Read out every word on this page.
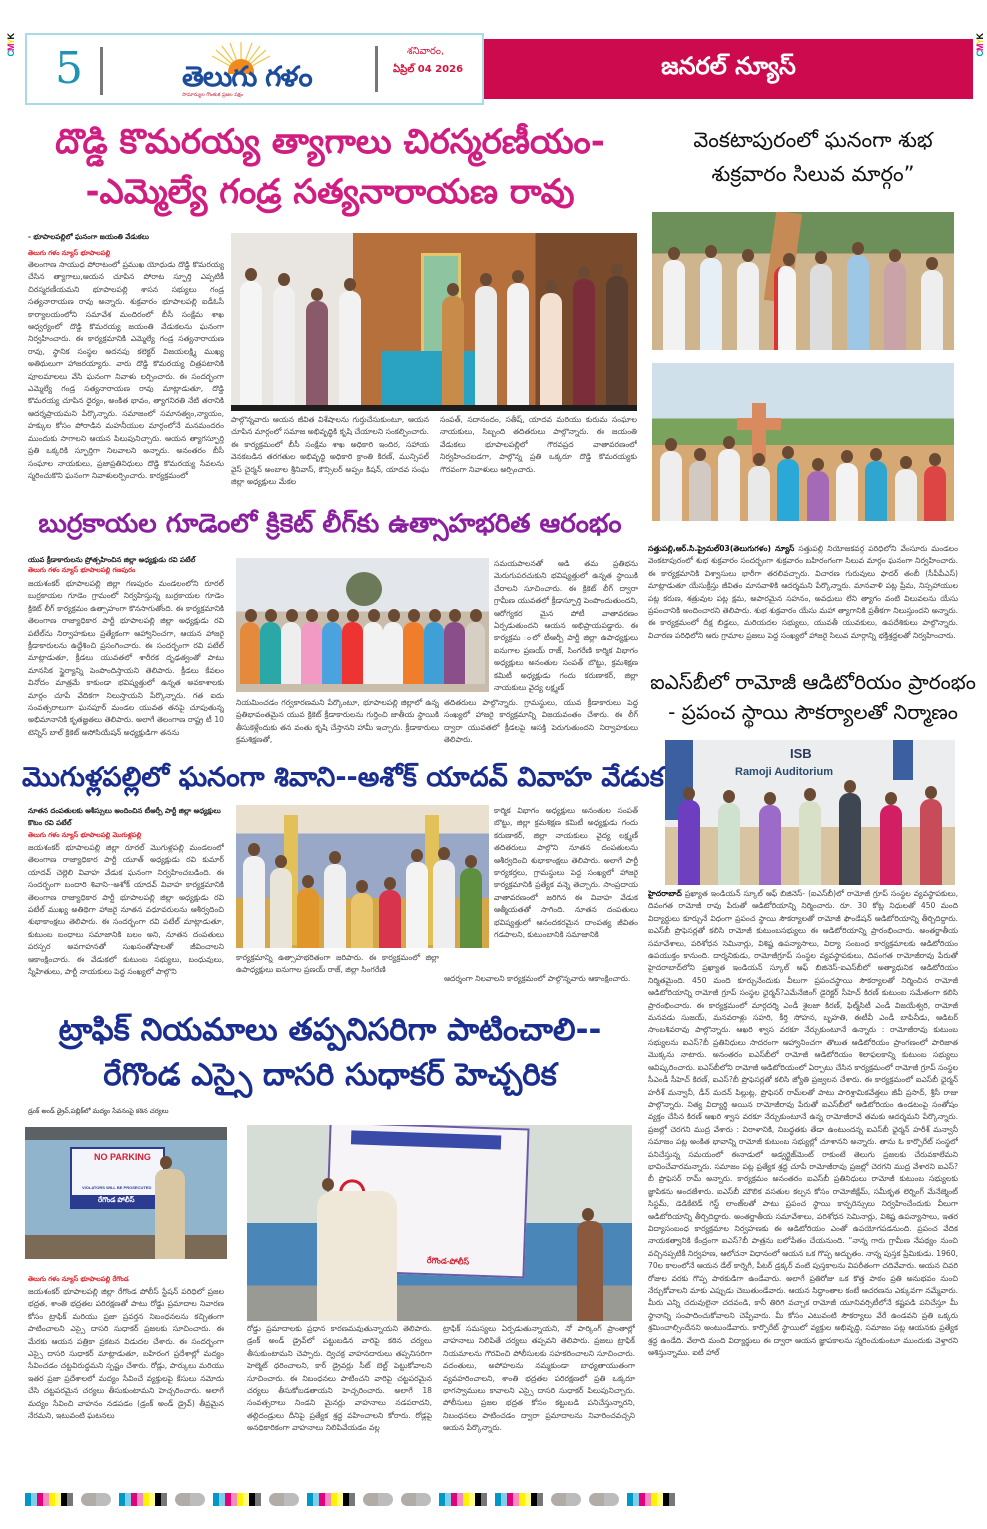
CMYK
CMYK
5	తెలుగు గళం
సామాన్యుల గొంతుక ప్రజల పక్షం
శనివారం,
ఏప్రిల్ 04 2026	జనరల్ న్యూస్
దొడ్డి కొమరయ్య త్యాగాలు చిరస్మరణీయం-
-ఎమ్మెల్యే గండ్ర సత్యనారాయణ రావు
- భూపాలపల్లిలో ఘనంగా జయంతి వేడుకలు
తెలుగు గళం న్యూస్ భూపాలపల్లి
తెలంగాణ సాయుధ పోరాటంలో ప్రముఖ యోధుడు దొడ్డి కొమరయ్య చేసిన త్యాగాలు,ఆయన చూపిన పోరాట స్ఫూర్తి ఎప్పటికీ చిరస్మరణీయమని భూపాలపల్లి శాసన సభ్యులు గండ్ర సత్యనారాయణ రావు అన్నారు. శుక్రవారం భూపాలపల్లి ఐడీఓసీ కార్యాలయంలోని సమావేశ మందిరంలో బీసీ సంక్షేమ శాఖ ఆధ్వర్యంలో దొడ్డి కొమరయ్య జయంతి వేడుకలను ఘనంగా నిర్వహించారు. ఈ కార్యక్రమానికి ఎమ్మెల్యే గండ్ర సత్యనారాయణ రావు, స్థానిక సంస్థల అదనపు కలెక్టర్ విజయలక్ష్మి ముఖ్య అతిథులుగా హాజరయ్యారు. వారు దొడ్డి కొమరయ్య చిత్రపటానికి పూలమాలలు వేసి ఘనంగా నివాళు లర్పించారు. ఈ సందర్భంగా ఎమ్మెల్యే గండ్ర సత్యనారాయణ రావు మాట్లాడుతూ, దొడ్డి కొమరయ్య చూపిన ధైర్యం, అంకిత భావం, త్యాగనిరతి నేటి తరానికి ఆదర్శప్రాయమని పేర్కొన్నారు. సమాజంలో సమానత్వం,న్యాయం, హక్కుల కోసం పోరాడిన మహనీయుల మార్గంలోనే మనమందరం ముందుకు సాగాలని ఆయన పిలుపునిచ్చారు. ఆయన త్యాగస్ఫూర్తి ప్రతి ఒక్కరికి స్ఫూర్తిగా నిలవాలని అన్నారు. అనంతరం బీసీ సంఘాల నాయకులు, ప్రజాప్రతినిధులు దొడ్డి కొమరయ్య సేవలను స్మరించుకొని ఘనంగా నివాళులర్పించారు. కార్యక్రమంలో
పాల్గొన్నవారు ఆయన జీవిత విశేషాలను గుర్తుచేసుకుంటూ, ఆయన చూపిన మార్గంలో సమాజ అభివృద్ధికి కృషి చేయాలని సంకల్పించారు. ఈ కార్యక్రమంలో బీసీ సంక్షేమ శాఖ అధికారి ఇందిర, సహాయ వెనకబడిన తరగతుల అభివృద్ధి అధికారి క్రాంతి కిరణ్, మున్సిపల్ వైస్ చైర్మన్ అంబాల శ్రీనివాస్, కౌన్సిలర్ అప్పం కిషన్, యాదవ సంఘ జిల్లా అధ్యక్షులు మేకల
సంపత్, సదానందం, సతీష్, యాదవ మరియు కురుమ సంఘాల నాయకులు, సిబ్బంది తదితరులు పాల్గొన్నారు. ఈ జయంతి వేడుకలు భూపాలపల్లిలో గౌరవప్రద వాతావరణంలో నిర్వహించబడగా, పాల్గొన్న ప్రతి ఒక్కరూ దొడ్డి కొమరయ్యకు గౌరవంగా నివాళులు అర్పించారు.
వెంకటాపురంలో ఘనంగా శుభ
శుక్రవారం సిలువ మార్గం”
సత్తుపల్లి,ఆర్.సి.ప్రైమల్03(తెలుగుగళం) న్యూస్ సత్తుపల్లి నియోజకవర్గ పరిధిలోని వేంసూరు మండలం వెంకటాపురంలో శుభ శుక్రవారం సందర్భంగా శుక్రవారం బహిరంగంగా సిలువ మార్గం ఘనంగా నిర్వహించారు. ఈ కార్యక్రమానికి విశ్వాసులు భారీగా తరలివచ్చారు. విచారణ గురువులు ఫాదర్ తంబీ (సీపీపీఎస్) మాట్లాడుతూ యేసుక్రీస్తు జీవితం మానవాళికి ఆదర్శమని పేర్కొన్నారు. మానవాళి పట్ల ప్రేమ, నిస్సహాయుల పట్ల కరుణ, శత్రువుల పట్ల క్షమ, అపారమైన సహనం, అవధులు లేని త్యాగం వంటి విలువలను యేసు ప్రపంచానికి అందించారని తెలిపారు. శుభ శుక్రవారం యేసు మహా త్యాగానికి ప్రతీకగా నిలుస్తుందని అన్నారు. ఈ కార్యక్రమంలో దీక్ష బిడ్డలు, మరియదల సభ్యులు, యువతీ యువకులు, ఉపదేశికులు పాల్గొన్నారు. విచారణ పరిధిలోని ఆరు గ్రామాల ప్రజలు పెద్ద సంఖ్యలో హాజరై సిలువ మార్గాన్ని భక్తిశ్రద్ధలతో నిర్వహించారు.
బుర్రకాయల గూడెంలో క్రికెట్ లీగ్‌కు ఉత్సాహభరిత ఆరంభం
యువ క్రీడాకారులను ప్రోత్సహించిన జిల్లా అధ్యక్షుడు రవి పటేల్
తెలుగు గళం న్యూస్ భూపాలపల్లి గణపురం
జయశంకర్ భూపాలపల్లి జిల్లా గణపురం మండలంలోని రూరల్ బుర్రకాయల గూడెం గ్రామంలో నిర్వహిస్తున్న బుర్రకాయల గూడెం క్రికెట్ లీగ్ కార్యక్రమం ఉత్సాహంగా కొనసాగుతోంది. ఈ కార్యక్రమానికి తెలంగాణ రాజ్యాధికార పార్టీ భూపాలపల్లి జిల్లా అధ్యక్షుడు రవి పటేల్‌ను నిర్వాహకులు ప్రత్యేకంగా ఆహ్వానించగా, ఆయన హాజరై క్రీడాకారులను ఉద్దేశించి ప్రసంగించారు. ఈ సందర్భంగా రవి పటేల్ మాట్లాడుతూ, క్రీడలు యువతలో శారీరక దృఢత్వంతో పాటు మానసిక స్థైర్యాన్ని పెంపొందిస్తాయని తెలిపారు. క్రీడలు కేవలం వినోదం మాత్రమే కాకుండా భవిష్యత్తులో ఉన్నత అవకాశాలకు మార్గం చూపే వేదికగా నిలుస్తాయని పేర్కొన్నారు. గత ఐదు సంవత్సరాలుగా ఘనపూర్ మండల యువత తనపై చూపుతున్న అభిమానానికి కృతజ్ఞతలు తెలిపారు. అలాగే తెలంగాణ రాష్ట్ర టీ 10 టెన్నిస్ బాల్ క్రికెట్ అసోసియేషన్ అధ్యక్షుడిగా తనను
సమయపాలనతో ఆడి తమ ప్రతిభను మెరుగుపరచుకుని భవిష్యత్తులో ఉన్నత స్థాయికి చేరాలని సూచించారు. ఈ క్రికెట్ లీగ్ ద్వారా గ్రామీణ యువతలో క్రీడాస్ఫూర్తి పెంపొందుతుందని, ఆరోగ్యకర మైన పోటీ వాతావరణం ఏర్పడుతుందని ఆయన అభిప్రాయపడ్డారు. ఈ కార్యక్రమ ంలో టీఆర్పీ పార్టీ జిల్లా ఉపాధ్యక్షులు ఐనుగాల ప్రణయ్ రాజ్, సింగరేణి కార్మిక విభాగం అధ్యక్షులు అనంతుల సంపత్ బొట్టు, క్రమశిక్షణ కమిటీ అధ్యక్షుడు గందు కరుణాకర్, జిల్లా నాయకులు వైద్య లక్ష్మణ్
నియమించడం గర్వకారణమని పేర్కొంటూ, భూపాలపల్లి జిల్లాలో ఉన్న ప్రతిభావంతమైన యువ క్రికెట్ క్రీడాకారులను గుర్తించి జాతీయ స్థాయికి తీసుకెళ్లేందుకు తన వంతు కృషి చేస్తానని హామీ ఇచ్చారు. క్రీడాకారులు క్రమశిక్షణతో,
తదితరులు పాల్గొన్నారు. గ్రామస్థులు, యువ క్రీడాకారులు పెద్ద సంఖ్యలో హాజరై కార్యక్రమాన్ని విజయవంతం చేశారు. ఈ లీగ్ ద్వారా యువతలో క్రీడలపై ఆసక్తి పెరుగుతుందని నిర్వాహకులు తెలిపారు.
ఐఎస్‌బీలో రామోజీ ఆడిటోరియం ప్రారంభం
- ప్రపంచ స్థాయి సౌకర్యాలతో నిర్మాణం
ISB
Ramoji Auditorium
హైదరాబాద్ ప్రఖ్యాత ఇండియన్ స్కూల్ ఆఫ్ బిజినెస్- (ఐఎస్‌బీ)లో రామోజీ గ్రూప్ సంస్థల వ్యవస్థాపకులు, దివంగత రామోజీ రావు పేరుతో ఆడిటోరియాన్ని నిర్మించారు. రూ. 30 కోట్ల నిధులతో 450 మంది విద్యార్థులు కూర్చునే విధంగా ప్రపంచ స్థాయి సౌకర్యాలతో రామోజీ ఫౌండేషన్ ఆడిటోరియాన్ని తీర్చిదిద్దారు. ఐఎస్‌బీ ప్రొఫెసర్లతో కలిసి రామోజీ కుటుంబసభ్యులు ఈ ఆడిటోరియాన్ని ప్రారంభించారు. అంతర్జాతీయ సమావేశాలు, పరిశోధన సెమినార్లు, విశిష్ట ఉపన్యాసాలు, విద్యా సంబంధ కార్యక్రమాలకు ఆడిటోరియం ఉపయుక్తం కానుంది. దార్శనికుడు, రామోజీగ్రూప్ సంస్థల వ్యవస్థాపకులు, దివంగత రామోజీరావు పేరుతో హైదరాబాద్‌లోని ప్రఖ్యాత ఇండియన్ స్కూల్ ఆఫ్ బిజినెస్-ఐఎస్‌బీలో అత్యాధునిక ఆడిటోరియం నిర్మితమైంది. 450 మంది కూర్చునేందుకు వీలుగా ప్రపంచస్థాయి సౌకర్యాలతో నిర్మించిన రామోజీ ఆడిటోరియాన్ని రామోజీ గ్రూప్ సంస్థల ఛైర్మన్?ఎమేనేజింగ్ డైరెక్టర్ సీహెచ్ కిరణ్ కుటుంబ సమేతంగా కలిసి ప్రారంభించారు. ఈ కార్యక్రమంలో మార్గదర్శి ఎండీ శైలజా కిరణ్, ఫిల్మ్‌సిటీ ఎండీ విజయేశ్వరి, రామోజీ మనవడు సుజయ్, మనవరాళ్లు సహరి, కీర్తి సోహన, బృహతి, ఈటీవీ ఎండీ బాపినీడు, ఆడిటర్ సాంబశివరావు పాల్గొన్నారు. ఆఖరి శ్వాస వరకూ నేర్చుకుంటూనే ఉన్నారు : రామోజీరావు కుటుంబ సభ్యులను ఐఎస్?బీ ప్రతినిధులు సాదరంగా ఆహ్వానించగా తొలుత ఆడిటోరియం ప్రాంగణంలో పారిజాత మొక్కను నాటారు. అనంతరం ఐఎస్‌బీలో రామోజీ ఆడిటోరియం శిలాఫలకాన్ని కుటుంబ సభ్యులు ఆవిష్కరించారు. ఐఎస్‌బీలోని రామోజీ ఆడిటోరియంలో ఏర్పాటు చేసిన కార్యక్రమంలో రామోజీ గ్రూప్ సంస్థల సీఎండీ సీహెచ్ కిరణ్, ఐఎస్?బీ ప్రొఫెసర్లతో కలిసి జ్యోతి ప్రజ్వలన చేశారు. ఈ కార్యక్రమంలో ఐఎస్‌బీ ఛైర్మన్ హరీశ్ మన్వానీ, డీన్ మదన్ పిల్లుట్ల, ప్రొఫెసర్ రామ్‌లతో పాటు పారిశ్రామికవేత్తలు జీవీ ప్రసాద్, శ్రీసీ రాజు పాల్గొన్నారు. నిత్య విద్యార్థి అయిన రామోజీరావు పేరుతో ఐఎస్‌బీలో ఆడిటోరియం ఉండటంపై సంతోషం వ్యక్తం చేసిన కిరణ్ ఆఖరి శ్వాస వరకూ నేర్చుకుంటూనే ఉన్న రామోజీరావే తమకు ఆదర్శమని పేర్కొన్నారు. ప్రజల్లో చెరగని ముద్ర వేశారు : విరాళానికి, నిబద్ధతకు తేడా ఉంటుందన్న ఐఎస్‌బీ ఛైర్మన్ హరీశ్ మన్వానీ సమాజం పట్ల అంకిత భావాన్ని రామోజీ కుటుంబ సభ్యుల్లో చూశానని అన్నారు. తాను ఓ కార్పొరేట్ సంస్థలో పనిచేస్తున్న సమయంలో ఈనాడులో అడ్వర్టైజ్‌మెంట్ రాకుంటే తెలుగు ప్రజలకు చేరువకాలేమని భావించేవారమన్నారు. సమాజం పట్ల ప్రత్యేక శ్రద్ధ చూపే రామోజీరావు ప్రజల్లో చెరగని ముద్ర వేశారని ఐఎస్?బీ ప్రొఫెసర్ రామ్ అన్నారు. కార్యక్రమం అనంతరం ఐఎస్‌బీ ప్రతినిధులు రామోజీ కుటుంబ సభ్యులకు జ్ఞాపికను అందజేశారు. ఐఎస్‌బీ మౌలిక వసతుల కల్పన కోసం రామోజీక్షేమ్, సమీకృత లెర్నింగ్ మేనేజ్మెంట్ సిస్టమ్, డెడికేటెడ్ గెస్ట్ లాంజ్‌లతో పాటు ప్రపంచ స్థాయి కాన్ఫరెన్సులు నిర్వహించేందుకు వీలుగా ఆడిటోరియాన్ని తీర్చిదిద్దారు. అంతర్జాతీయ సమావేశాలు, పరిశోధన సెమినార్లు, విశిష్ట ఉపన్యాసాలు, ఇతర విద్యాసంబంధ కార్యక్రమాల నిర్వహణకు ఈ ఆడిటోరియం ఎంతో ఉపయోగపడనుంది. ప్రపంచ వేదిక నాయకత్వానికి కేంద్రంగా ఐఎస్?బీ పాత్రను బలోపేతం చేయనుంది. “నాన్న గారు గ్రామీణ నేపథ్యం నుంచి వచ్చినప్పటికీ నిర్వహణ, ఆలోచనా విధానంలో ఆయన ఒక గొప్ప అద్భుతం. నాన్న పుస్తక ప్రేమికుడు. 1960, 70ల కాలంలోనే ఆయన డేల్ కార్నెగీ, పీటర్ డ్రక్కర్ వంటి పుస్తకాలను విపరీతంగా చదివేవారు. ఆయన చివరి రోజుల వరకు గొప్ప పాఠకుడిగా ఉండేవారు. అలాగే ప్రతిరోజు ఒక కొత్త పాఠం ప్రతి అనుభవం నుంచి నేర్చుకోవాలని మాకు ఎప్పుడు చెబుతుండేవారు. ఆయన సిద్ధాంతాల కంటే ఆచరణను ఎక్కువగా నమ్మేవారు. మీరు ఎన్ని చదువులైనా చదవండి, కానీ తిరిగి వచ్చాక రామోజీ యూనివర్సిటీలోనే కష్టపడి పనిచేస్తూ మీ స్థానాన్ని సంపాదించుకోవాలని చెప్పేవారు. మీ కోసం ఎటువంటి సౌకర్యాలు వేరే ఉండవని ప్రతి ఒక్కరు శ్రమించాల్సిందేనని అంటుండేవారు. కార్పొరేట్ స్థాయిలో వ్యక్తుల అభివృద్ధి, సమాజం పట్ల ఆయనకు ప్రత్యేక శ్రద్ధ ఉండేది. వేలాది మంది విద్యార్థులు ఈ ద్వారా ఆయన జ్ఞాపకాలను స్మరించుకుంటూ ముందుకు వెళ్తారని ఆశిస్తున్నాము. ఐటీ హాల్
మొగుళ్లపల్లిలో ఘనంగా శివాని--అశోక్ యాదవ్ వివాహ వేడుక
నూతన దంపతులకు ఆశీస్సులు అందించిన టీఆర్పీ పార్టీ జిల్లా అధ్యక్షులు కొటం రవి పటేల్
తెలుగు గళం న్యూస్ భూపాలపల్లి మొగుళ్లపల్లి
జయశంకర్ భూపాలపల్లి జిల్లా రూరల్ మొగుళ్లపల్లి మండలంలో తెలంగాణ రాజ్యాధికార పార్టీ యూత్ అధ్యక్షుడు రవి కుమార్ యాదవ్ చెల్లెలి వివాహ వేడుక ఘనంగా నిర్వహించబడింది. ఈ సందర్భంగా బందారి శివాని--అశోక్ యాదవ్ వివాహ కార్యక్రమానికి తెలంగాణ రాజ్యాధికార పార్టీ భూపాలపల్లి జిల్లా అధ్యక్షుడు రవి పటేల్ ముఖ్య అతిథిగా హాజరై నూతన వధూవరులను ఆశీర్వదించి శుభాకాంక్షలు తెలిపారు. ఈ సందర్భంగా రవి పటేల్ మాట్లాడుతూ, కుటుంబ బంధాలు సమాజానికి బలం అని, నూతన దంపతులు పరస్పర అవగాహనతో సుఖసంతోషాలతో జీవించాలని ఆకాంక్షించారు. ఈ వేడుకలో కుటుంబ సభ్యులు, బంధువులు, స్నేహితులు, పార్టీ నాయకులు పెద్ద సంఖ్యలో పాల్గొని
కార్మిక విభాగం అధ్యక్షులు అనంతుల సంపత్ బొట్టు, జిల్లా క్రమశిక్షణ కమిటీ అధ్యక్షుడు గందు కరుణాకర్, జిల్లా నాయకులు వైద్య లక్ష్మణ్ తదితరులు పాల్గొని నూతన దంపతులను ఆశీర్వదించి శుభాకాంక్షలు తెలిపారు. అలాగే పార్టీ కార్యకర్తలు, గ్రామస్థులు పెద్ద సంఖ్యలో హాజరై కార్యక్రమానికి ప్రత్యేక వన్నె తెచ్చారు. సాంప్రదాయ వాతావరణంలో జరిగిన ఈ వివాహ వేడుక ఆత్మీయతతో సాగింది. నూతన దంపతులు భవిష్యత్తులో ఆనందకరమైన దాంపత్య జీవితం గడపాలని, కుటుంబానికి సమాజానికి
కార్యక్రమాన్ని ఉత్సాహభరితంగా జరిపారు. ఈ కార్యక్రమంలో జిల్లా ఉపాధ్యక్షులు ఐనుగాల ప్రణయ్ రాజ్, జిల్లా సింగరేణి
ఆదర్శంగా నిలవాలని కార్యక్రమంలో పాల్గొన్నవారు ఆకాంక్షించారు.
ట్రాఫిక్ నియమాలు తప్పనిసరిగా పాటించాలి--
రేగొండ ఎస్సై దాసరి సుధాకర్ హెచ్చరిక
డ్రంక్ అండ్ డ్రైవ్,పబ్లిక్‌లో మద్యం సేవనంపై కఠిన చర్యలు
NO PARKING
VIOLATORS WILL BE PROSECUTED
రేగొండ పోలీస్
తెలుగు గళం న్యూస్ భూపాలపల్లి రేగొండ
జయశంకర్ భూపాలపల్లి జిల్లా రేగొండ పోలీస్ స్టేషన్ పరిధిలో ప్రజల భద్రత, శాంతి భద్రతల పరిరక్షణతో పాటు రోడ్డు ప్రమాదాల నివారణ కోసం ట్రాఫిక్ మరియు ప్రజా ప్రవర్తన నిబంధనలను కచ్చితంగా పాటించాలని ఎస్సై దాసరి సుధాకర్ ప్రజలకు సూచించారు. ఈ మేరకు ఆయన పత్రికా ప్రకటన విడుదల చేశారు. ఈ సందర్భంగా ఎస్సై దాసరి సుధాకర్ మాట్లాడుతూ, బహిరంగ ప్రదేశాల్లో మద్యం సేవించడం చట్టవిరుద్ధమని స్పష్టం చేశారు. రోడ్లు, పార్కులు మరియు ఇతర ప్రజా ప్రదేశాలలో మద్యం సేవించే వ్యక్తులపై కేసులు నమోదు చేసి చట్టపరమైన చర్యలు తీసుకుంటామని హెచ్చరించారు. అలాగే మద్యం సేవించి వాహనం నడపడం (డ్రంక్ అండ్ డ్రైవ్) తీవ్రమైన నేరమని, ఇటువంటి ఘటనలు
రేగొండ-పోలీస్
రోడ్డు ప్రమాదాలకు ప్రధాన కారణమవుతున్నాయని తెలిపారు. డ్రంక్ అండ్ డ్రైవ్‌లో పట్టుబడిన వారిపై కఠిన చర్యలు తీసుకుంటామని చెప్పారు. ద్విచక్ర వాహనదారులు తప్పనిసరిగా హెల్మెట్ ధరించాలని, కార్ డ్రైవర్లు సీట్ బెల్ట్ పెట్టుకోవాలని సూచించారు. ఈ నిబంధనలు పాటించని వారిపై చట్టపరమైన చర్యలు తీసుకోబడతాయని హెచ్చరించారు. అలాగే 18 సంవత్సరాలు నిండని మైనర్లు వాహనాలు నడపరాదని, తల్లిదండ్రులు దీనిపై ప్రత్యేక శ్రద్ధ వహించాలని కోరారు. రోడ్లపై అనధికారికంగా వాహనాలు నిలిపివేయడం వల్ల
ట్రాఫిక్ సమస్యలు ఏర్పడుతున్నాయని, నో పార్కింగ్ ప్రాంతాల్లో వాహనాలు నిలిపితే చర్యలు తప్పవని తెలిపారు. ప్రజలు ట్రాఫిక్ నియమాలను గౌరవించి పోలీసులకు సహకరించాలని సూచించారు. వదంతులు, అపోహలను నమ్మకుండా బాధ్యతాయుతంగా వ్యవహరించాలని, శాంతి భద్రతల పరిరక్షణలో ప్రతి ఒక్కరూ భాగస్వాములు కావాలని ఎస్సై దాసరి సుధాకర్ పిలుపునిచ్చారు. పోలీసులు ప్రజల భద్రత కోసం కట్టుబడి పనిచేస్తున్నారని, నిబంధనలు పాటించడం ద్వారా ప్రమాదాలను నివారించవచ్చని ఆయన పేర్కొన్నారు.
